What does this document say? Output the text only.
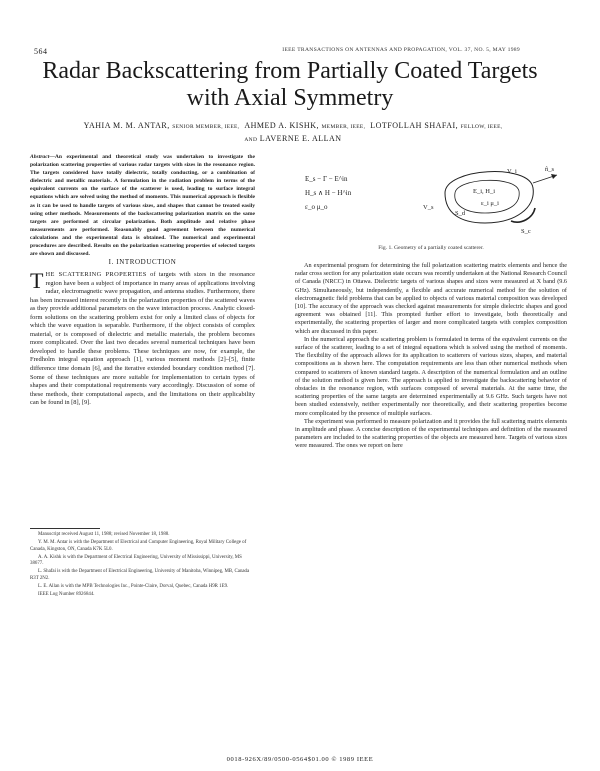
564	IEEE TRANSACTIONS ON ANTENNAS AND PROPAGATION, VOL. 37, NO. 5, MAY 1989
Radar Backscattering from Partially Coated Targets
with Axial Symmetry
YAHIA M. M. ANTAR, SENIOR MEMBER, IEEE, AHMED A. KISHK, MEMBER, IEEE, LOTFOLLAH SHAFAI, FELLOW, IEEE,
AND LAVERNE E. ALLAN
Abstract—An experimental and theoretical study was undertaken to investigate the polarization scattering properties of various radar targets with sizes in the resonance region. The targets considered have totally dielectric, totally conducting, or a combination of dielectric and metallic materials. A formulation in the radiation problem in terms of the equivalent currents on the surface of the scatterer is used, leading to surface integral equations which are solved using the method of moments. This numerical approach is flexible as it can be used to handle targets of various sizes, and shapes that cannot be treated easily using other methods. Measurements of the backscattering polarization matrix on the same targets are performed at circular polarization. Both amplitude and relative phase measurements are performed. Reasonably good agreement between the numerical calculations and the experimental data is obtained. The numerical and experimental procedures are described. Results on the polarization scattering properties of selected targets are shown and discussed.
I. INTRODUCTION
THE SCATTERING PROPERTIES of targets with sizes in the resonance region have been a subject of importance in many areas of applications involving radar, electromagnetic wave propagation, and antenna studies. Furthermore, there has been increased interest recently in the polarization properties of the scattered waves as they provide additional parameters on the wave interaction process. Analytic closed-form solutions on the scattering problem exist for only a limited class of objects for which the wave equation is separable. Furthermore, if the object consists of complex material, or is composed of dielectric and metallic materials, the problem becomes more complicated. Over the last two decades several numerical techniques have been developed to handle these problems. These techniques are now, for example, the Fredholm integral equation approach [1], various moment methods [2]–[5], finite difference time domain [6], and the iterative extended boundary condition method [7]. Some of these techniques are more suitable for implementation to certain types of shapes and their computational requirements vary accordingly. Discussion of some of these methods, their computational aspects, and the limitations on their applicability can be found in [8], [9].

Manuscript received August 11, 1988; revised November 18, 1988.

Y. M. M. Antar is with the Department of Electrical and Computer Engineering, Royal Military College of Canada, Kingston, ON, Canada K7K 5L0.

A. A. Kishk is with the Department of Electrical Engineering, University of Mississippi, University, MS 38677.

L. Shafai is with the Department of Electrical Engineering, University of Manitoba, Winnipeg, MB, Canada R3T 2N2.

L. E. Allan is with the MPB Technologies Inc., Pointe-Claire, Dorval, Quebec, Canada H9R 1E9.

IEEE Log Number 8926844.

E_s − Γ − E^in
H_s ∧ H − H^in
ε_o μ_o
E_i, H_i
V_i
V_s
S_d
S_c
ε_i μ_i
n̂_s
Fig. 1. Geometry of a partially coated scatterer.

An experimental program for determining the full polarization scattering matrix elements and hence the radar cross section for any polarization state occurs was recently undertaken at the National Research Council of Canada (NRCC) in Ottawa. Dielectric targets of various shapes and sizes were measured at X band (9.6 GHz). Simultaneously, but independently, a flexible and accurate numerical method for the solution of electromagnetic field problems that can be applied to objects of various material composition was developed [10]. The accuracy of the approach was checked against measurements for simple dielectric shapes and good agreement was obtained [11]. This prompted further effort to investigate, both theoretically and experimentally, the scattering properties of larger and more complicated targets with complex composition which are discussed in this paper.

In the numerical approach the scattering problem is formulated in terms of the equivalent currents on the surface of the scatterer, leading to a set of integral equations which is solved using the method of moments. The flexibility of the approach allows for its application to scatterers of various sizes, shapes, and material compositions as is shown here. The computation requirements are less than other numerical methods when compared to scatterers of known standard targets. A description of the numerical formulation and an outline of the solution method is given here. The approach is applied to investigate the backscattering behavior of obstacles in the resonance region, with surfaces composed of several materials. At the same time, the scattering properties of the same targets are determined experimentally at 9.6 GHz. Such targets have not been studied extensively, neither experimentally nor theoretically, and their scattering properties become more complicated by the presence of multiple surfaces.

The experiment was performed to measure polarization and it provides the full scattering matrix elements in amplitude and phase. A concise description of the experimental techniques and definition of the measured parameters are included to the scattering properties of the objects are measured here. Targets of various sizes were measured. The ones we report on here

0018-926X/89/0500-0564$01.00 © 1989 IEEE
